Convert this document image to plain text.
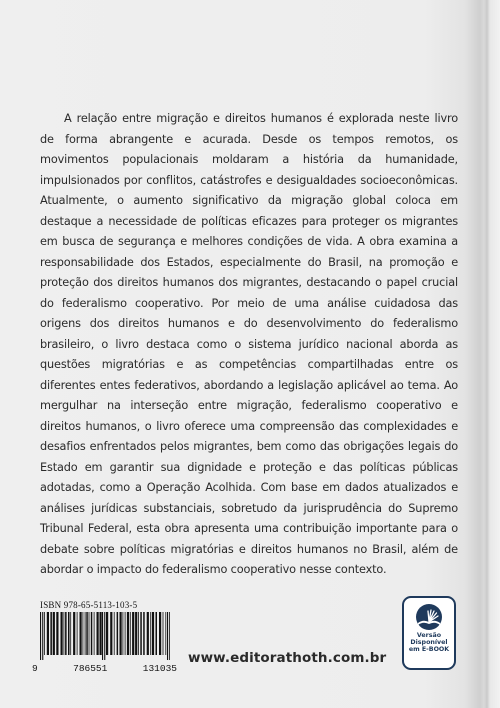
A relação entre migração e direitos humanos é explorada neste livro de forma abrangente e acurada. Desde os tempos remotos, os movimentos populacionais moldaram a história da humanidade, impulsionados por conflitos, catástrofes e desigualdades socioeconômicas. Atualmente, o aumento significativo da migração global coloca em destaque a necessidade de políticas eficazes para proteger os migrantes em busca de segurança e melhores condições de vida. A obra examina a responsabilidade dos Estados, especialmente do Brasil, na promoção e proteção dos direitos humanos dos migrantes, destacando o papel crucial do federalismo cooperativo. Por meio de uma análise cuidadosa das origens dos direitos humanos e do desenvolvimento do federalismo brasileiro, o livro destaca como o sistema jurídico nacional aborda as questões migratórias e as competências compartilhadas entre os diferentes entes federativos, abordando a legislação aplicável ao tema. Ao mergulhar na interseção entre migração, federalismo cooperativo e direitos humanos, o livro oferece uma compreensão das complexidades e desafios enfrentados pelos migrantes, bem como das obrigações legais do Estado em garantir sua dignidade e proteção e das políticas públicas adotadas, como a Operação Acolhida. Com base em dados atualizados e análises jurídicas substanciais, sobretudo da jurisprudência do Supremo Tribunal Federal, esta obra apresenta uma contribuição importante para o debate sobre políticas migratórias e direitos humanos no Brasil, além de abordar o impacto do federalismo cooperativo nesse contexto.

ISBN 978-65-5113-103-5
9	786551	131035
www.editorathoth.com.br
Versão
Disponível
em E-BOOK
